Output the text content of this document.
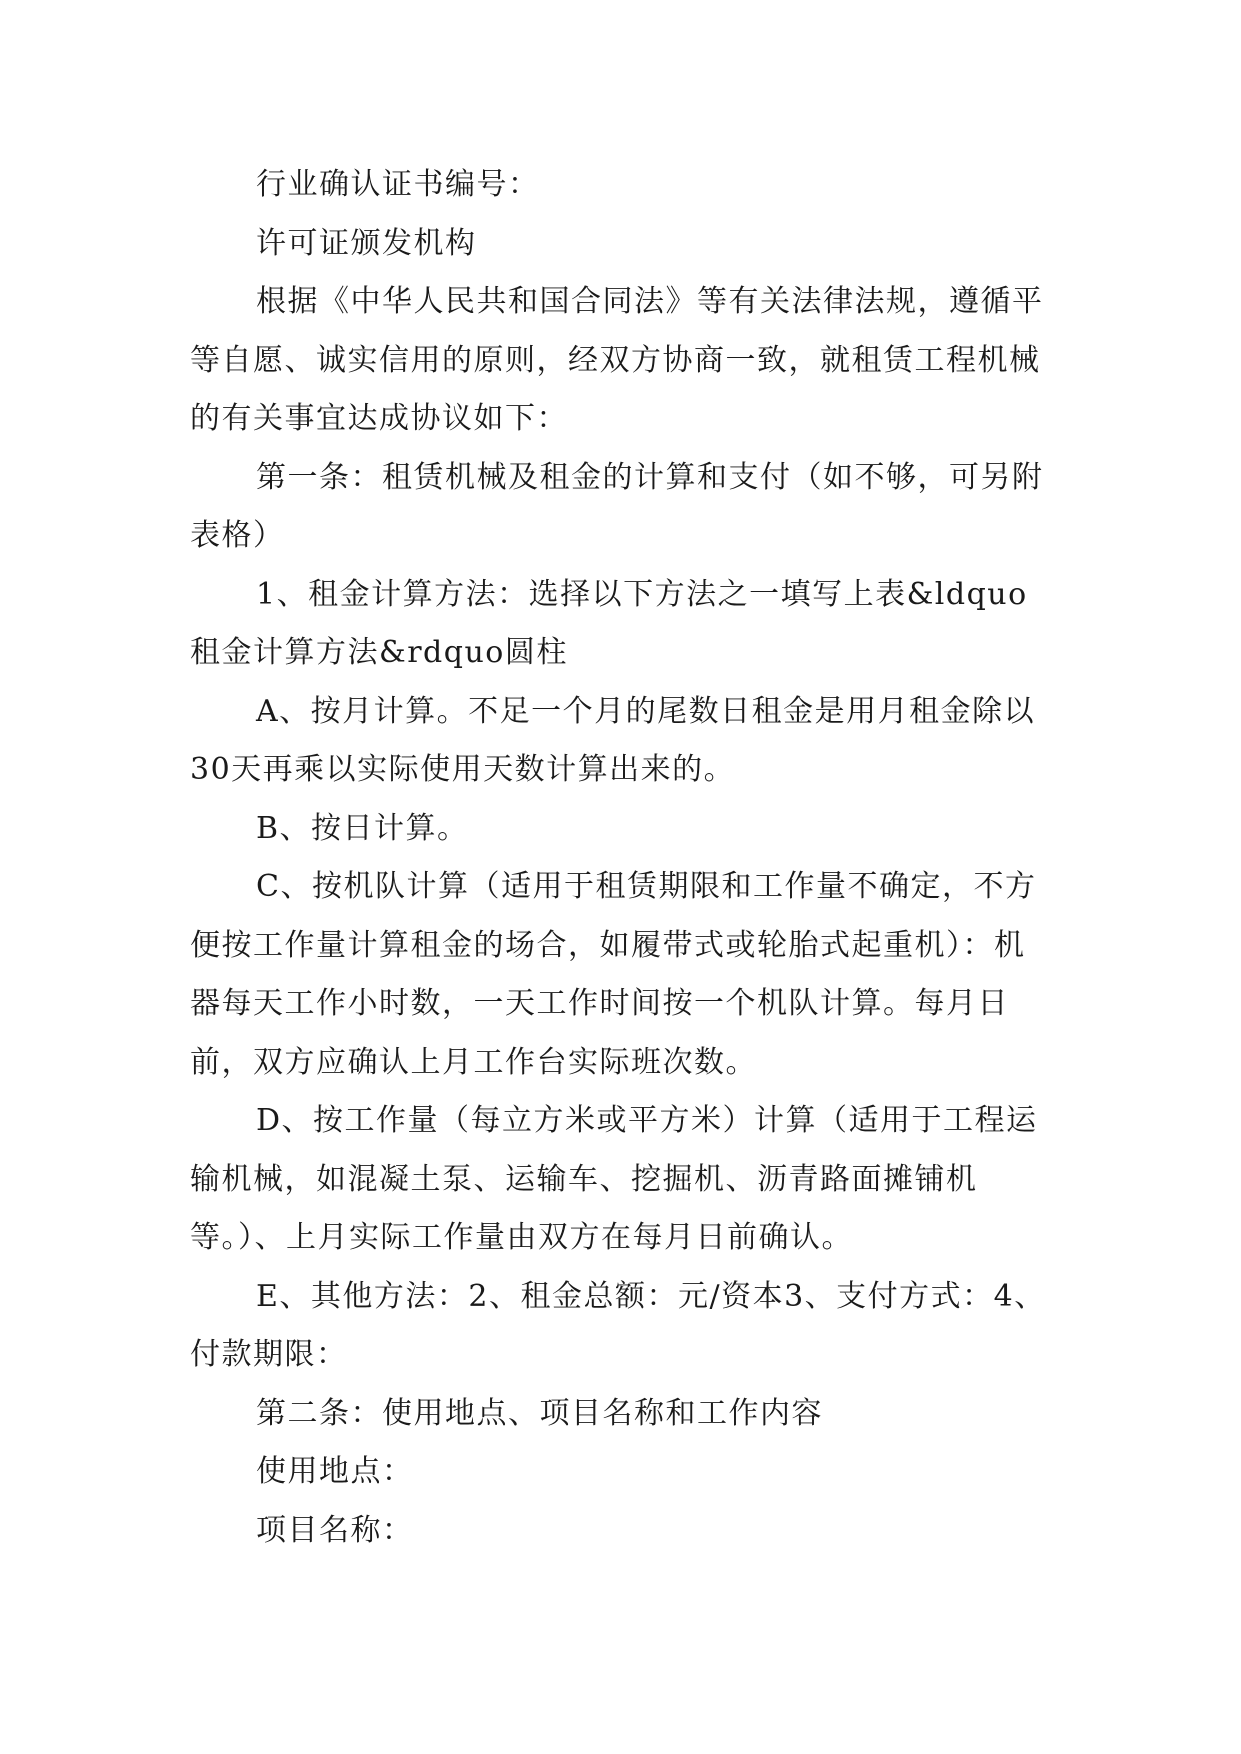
行业确认证书编号：

许可证颁发机构

根据《中华人民共和国合同法》等有关法律法规，遵循平等自愿、诚实信用的原则，经双方协商一致，就租赁工程机械的有关事宜达成协议如下：

第一条：租赁机械及租金的计算和支付（如不够，可另附表格）

1、租金计算方法：选择以下方法之一填写上表&ldquo租金计算方法&rdquo圆柱

A、按月计算。不足一个月的尾数日租金是用月租金除以30天再乘以实际使用天数计算出来的。

B、按日计算。

C、按机队计算（适用于租赁期限和工作量不确定，不方便按工作量计算租金的场合，如履带式或轮胎式起重机）：机器每天工作小时数，一天工作时间按一个机队计算。每月日前，双方应确认上月工作台实际班次数。

D、按工作量（每立方米或平方米）计算（适用于工程运输机械，如混凝土泵、运输车、挖掘机、沥青路面摊铺机等。）、上月实际工作量由双方在每月日前确认。

E、其他方法：2、租金总额：元/资本3、支付方式：4、付款期限：

第二条：使用地点、项目名称和工作内容

使用地点：

项目名称：
